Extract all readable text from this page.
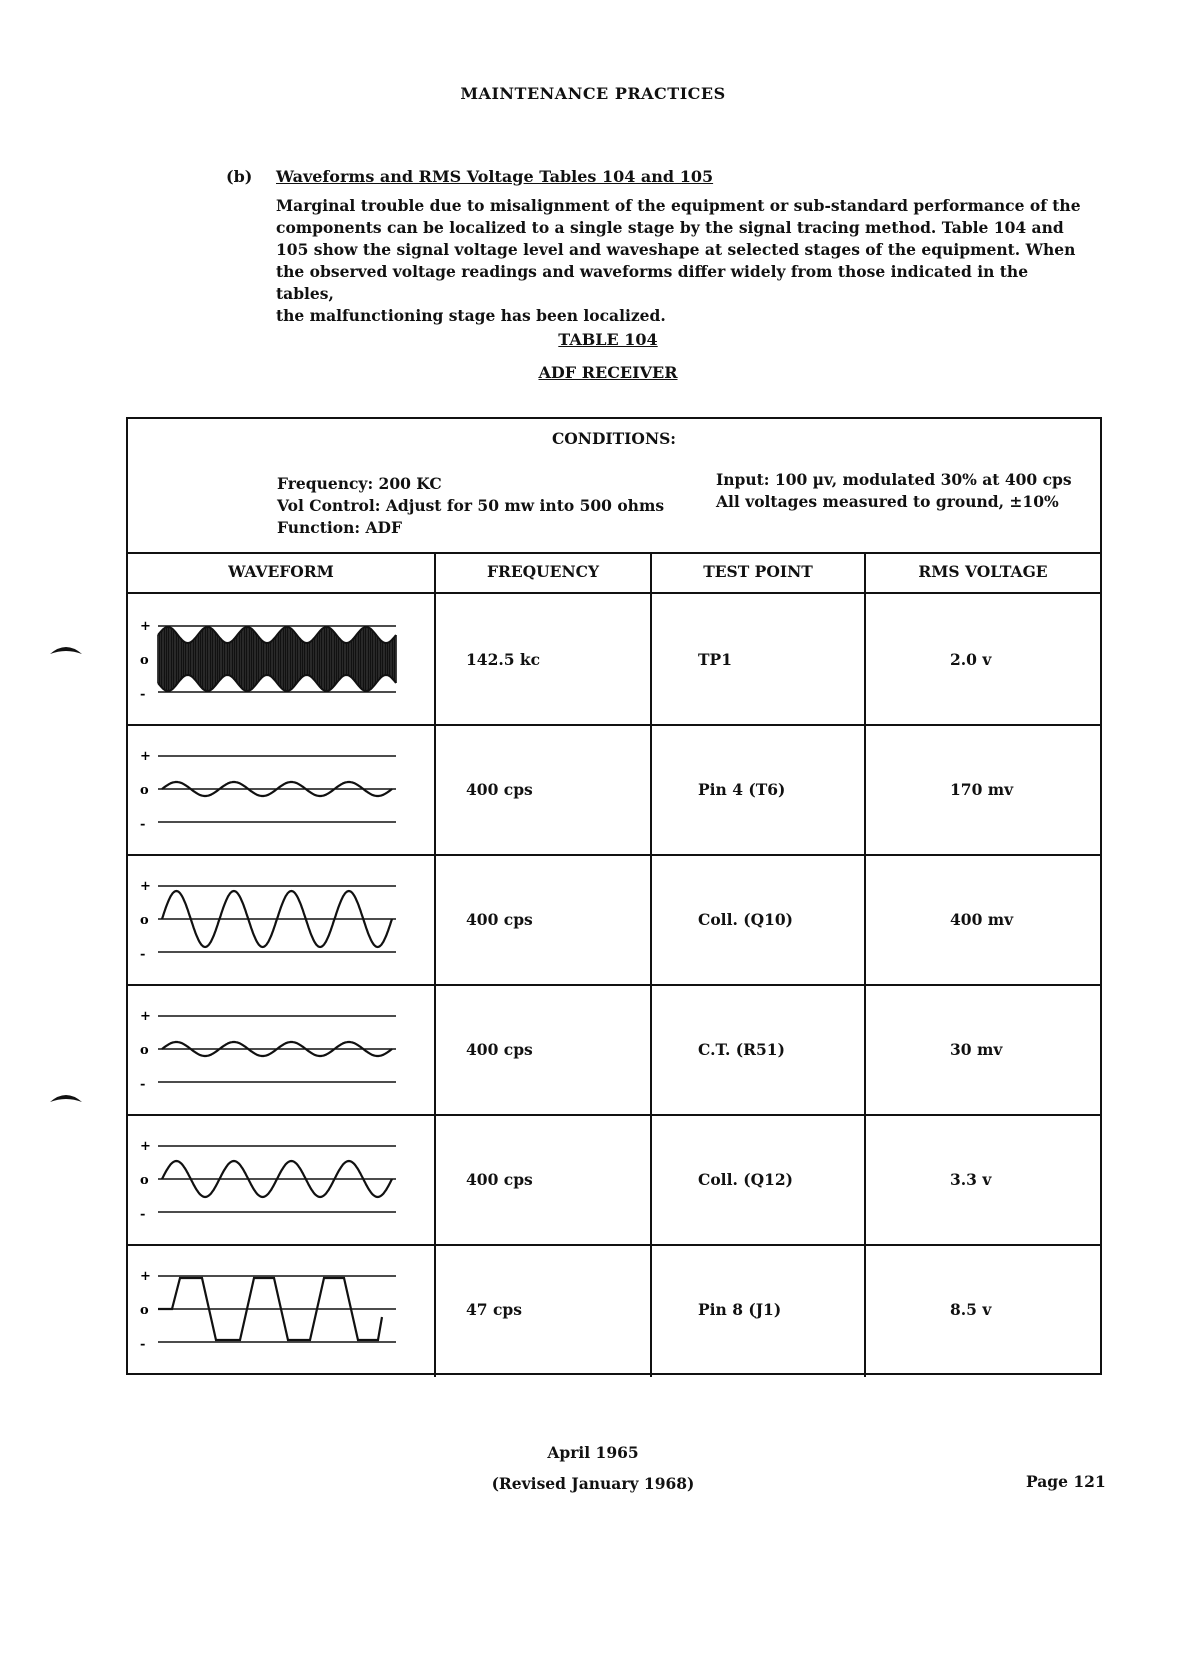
MAINTENANCE PRACTICES
(b) Waveforms and RMS Voltage Tables 104 and 105
Marginal trouble due to misalignment of the equipment or sub-standard performance of the
components can be localized to a single stage by the signal tracing method. Table 104 and
105 show the signal voltage level and waveshape at selected stages of the equipment. When
the observed voltage readings and waveforms differ widely from those indicated in the tables,
the malfunctioning stage has been localized.
TABLE 104
ADF RECEIVER
CONDITIONS:
Frequency: 200 KC
Vol Control: Adjust for 50 mw into 500 ohms
Function: ADF
Input: 100 µv, modulated 30% at 400 cps
All voltages measured to ground, ±10%
WAVEFORM	FREQUENCY	TEST POINT	RMS VOLTAGE
+
o
-
142.5 kc	TP1	2.0 v
+
o
-
400 cps	Pin 4 (T6)	170 mv
+
o
-
400 cps	Coll. (Q10)	400 mv
+
o
-
400 cps	C.T. (R51)	30 mv
+
o
-
400 cps	Coll. (Q12)	3.3 v
+
o
-
47 cps	Pin 8 (J1)	8.5 v
April 1965
(Revised January 1968)	Page 121
